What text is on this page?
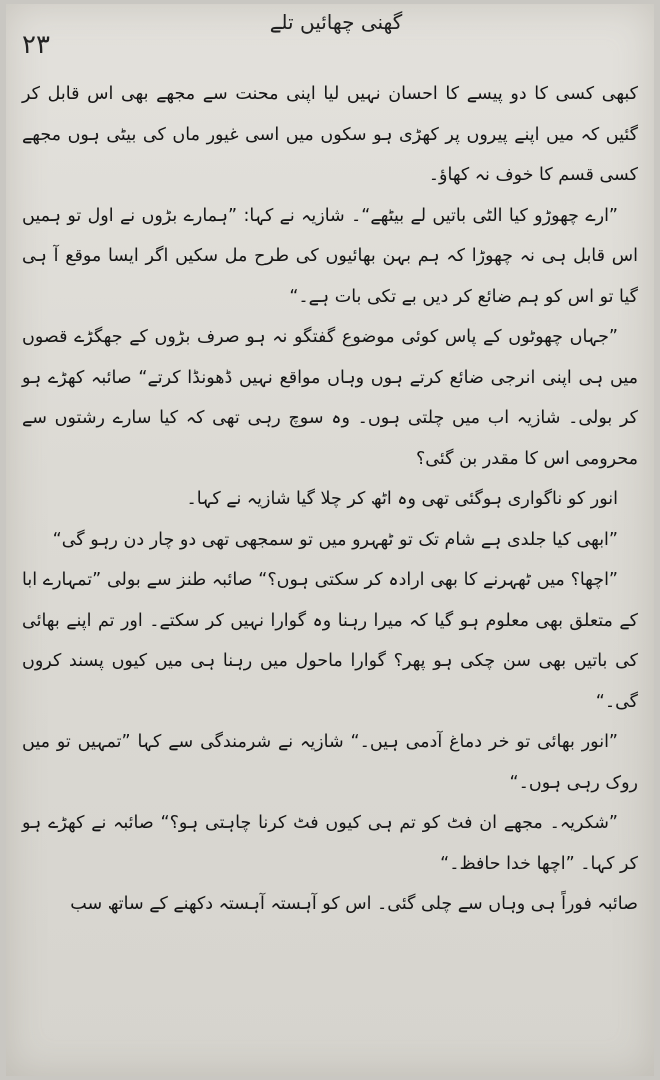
۲۳
گھنی چھائیں تلے

کبھی کسی کا دو پیسے کا احسان نہیں لیا اپنی محنت سے مجھے بھی اس قابل کر گئیں کہ میں اپنے پیروں پر کھڑی ہو سکوں میں اسی غیور ماں کی بیٹی ہوں مجھے کسی قسم کا خوف نہ کھاؤ۔

”ارے چھوڑو کیا الٹی باتیں لے بیٹھے“۔ شازیہ نے کہا: ”ہمارے بڑوں نے اول تو ہمیں اس قابل ہی نہ چھوڑا کہ ہم بہن بھائیوں کی طرح مل سکیں اگر ایسا موقع آ ہی گیا تو اس کو ہم ضائع کر دیں بے تکی بات ہے۔“

”جہاں چھوٹوں کے پاس کوئی موضوع گفتگو نہ ہو صرف بڑوں کے جھگڑے قصوں میں ہی اپنی انرجی ضائع کرتے ہوں وہاں مواقع نہیں ڈھونڈا کرتے“ صائبہ کھڑے ہو کر بولی۔ شازیہ اب میں چلتی ہوں۔ وہ سوچ رہی تھی کہ کیا سارے رشتوں سے محرومی اس کا مقدر بن گئی؟

انور کو ناگواری ہوگئی تھی وہ اٹھ کر چلا گیا شازیہ نے کہا۔

”ابھی کیا جلدی ہے شام تک تو ٹھہرو میں تو سمجھی تھی دو چار دن رہو گی“

”اچھا؟ میں ٹھہرنے کا بھی ارادہ کر سکتی ہوں؟“ صائبہ طنز سے بولی ”تمہارے ابا کے متعلق بھی معلوم ہو گیا کہ میرا رہنا وہ گوارا نہیں کر سکتے۔ اور تم اپنے بھائی کی باتیں بھی سن چکی ہو پھر؟ گوارا ماحول میں رہنا ہی میں کیوں پسند کروں گی۔“

”انور بھائی تو خر دماغ آدمی ہیں۔“ شازیہ نے شرمندگی سے کہا ”تمہیں تو میں روک رہی ہوں۔“

”شکریہ۔ مجھے ان فٹ کو تم ہی کیوں فٹ کرنا چاہتی ہو؟“ صائبہ نے کھڑے ہو کر کہا۔ ”اچھا خدا حافظ۔“

صائبہ فوراً ہی وہاں سے چلی گئی۔ اس کو آہستہ آہستہ دکھنے کے ساتھ سب
